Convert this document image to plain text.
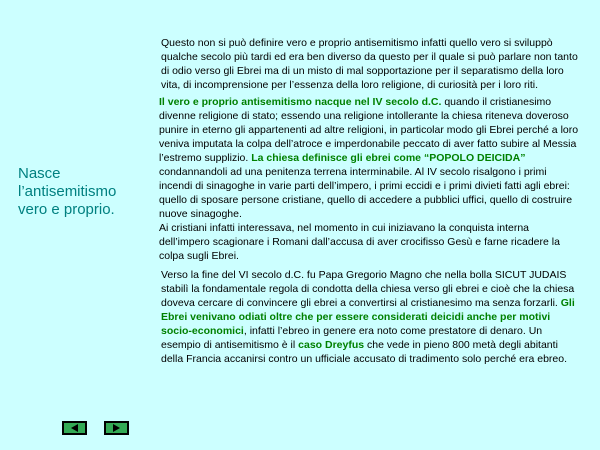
Nasce
l’antisemitismo
vero e proprio.

Questo non si può definire vero e proprio antisemitismo infatti quello vero si sviluppò qualche secolo più tardi ed era ben diverso da questo per il quale si può parlare non tanto di odio verso gli Ebrei ma di un misto di mal sopportazione per il separatismo della loro vita, di incomprensione per l’essenza della loro religione, di curiosità per i loro riti.

Il vero e proprio antisemitismo nacque nel IV secolo d.C. quando il cristianesimo divenne religione di stato; essendo una religione intollerante la chiesa riteneva doveroso punire in eterno gli appartenenti ad altre religioni, in particolar modo gli Ebrei perché a loro veniva imputata la colpa dell’atroce e imperdonabile peccato di aver fatto subire al Messia l’estremo supplizio. La chiesa definisce gli ebrei come “POPOLO DEICIDA” condannandoli ad una penitenza terrena interminabile. Al IV secolo risalgono i primi incendi di sinagoghe in varie parti dell’impero, i primi eccidi e i primi divieti fatti agli ebrei: quello di sposare persone cristiane, quello di accedere a pubblici uffici, quello di costruire nuove sinagoghe.
Ai cristiani infatti interessava, nel momento in cui iniziavano la conquista interna dell’impero scagionare i Romani dall’accusa di aver crocifisso Gesù e farne ricadere la colpa sugli Ebrei.

Verso la fine del VI secolo d.C. fu Papa Gregorio Magno che nella bolla SICUT JUDAIS stabilì la fondamentale regola di condotta della chiesa verso gli ebrei e cioè che la chiesa doveva cercare di convincere gli ebrei a convertirsi al cristianesimo ma senza forzarli. Gli Ebrei venivano odiati oltre che per essere considerati deicidi anche per motivi socio-economici, infatti l’ebreo in genere era noto come prestatore di denaro. Un esempio di antisemitismo è il caso Dreyfus che vede in pieno 800 metà degli abitanti della Francia accanirsi contro un ufficiale accusato di tradimento solo perché era ebreo.
